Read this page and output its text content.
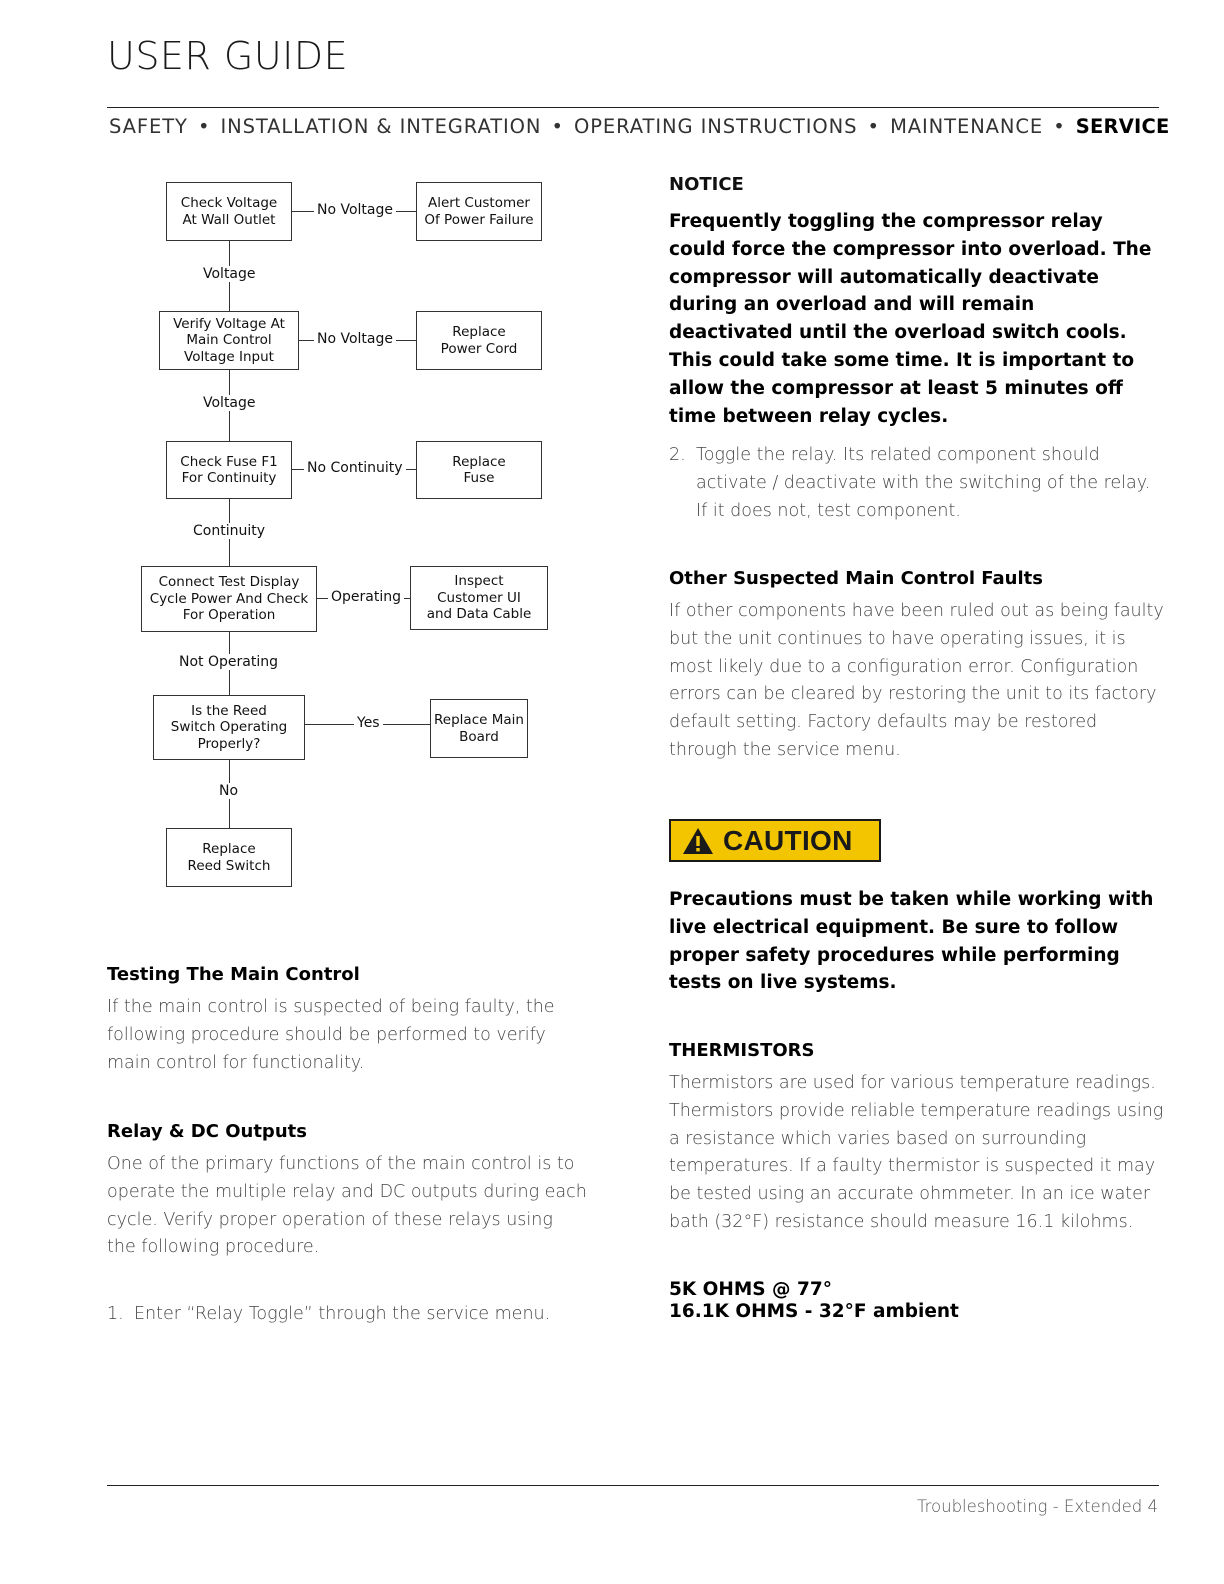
USER GUIDE
SAFETY • INSTALLATION & INTEGRATION • OPERATING INSTRUCTIONS • MAINTENANCE • SERVICE
Check Voltage
At Wall Outlet
Alert Customer
Of Power Failure
Verify Voltage At
Main Control
Voltage Input
Replace
Power Cord
Check Fuse F1
For Continuity
Replace
Fuse
Connect Test Display
Cycle Power And Check
For Operation
Inspect
Customer UI
and Data Cable
Is the Reed
Switch Operating
Properly?
Replace Main
Board
Replace
Reed Switch
No Voltage
Voltage
No Voltage
Voltage
No Continuity
Continuity
Operating
Not Operating
Yes
No
Testing The Main Control
If the main control is suspected of being faulty, the following procedure should be performed to verify main control for functionality.
Relay & DC Outputs
One of the primary functions of the main control is to operate the multiple relay and DC outputs during each cycle. Verify proper operation of these relays using the following procedure.
1. Enter “Relay Toggle” through the service menu.
NOTICE
Frequently toggling the compressor relay could force the compressor into overload. The compressor will automatically deactivate during an overload and will remain deactivated until the overload switch cools. This could take some time. It is important to allow the compressor at least 5 minutes off time between relay cycles.
2. Toggle the relay. Its related component should activate / deactivate with the switching of the relay. If it does not, test component.
Other Suspected Main Control Faults
If other components have been ruled out as being faulty but the unit continues to have operating issues, it is most likely due to a configuration error. Configuration errors can be cleared by restoring the unit to its factory default setting. Factory defaults may be restored through the service menu.
CAUTION
Precautions must be taken while working with live electrical equipment. Be sure to follow proper safety procedures while performing tests on live systems.
THERMISTORS
Thermistors are used for various temperature readings. Thermistors provide reliable temperature readings using a resistance which varies based on surrounding temperatures. If a faulty thermistor is suspected it may be tested using an accurate ohmmeter. In an ice water bath (32°F) resistance should measure 16.1 kilohms.
5K OHMS @ 77°
16.1K OHMS - 32°F ambient
Troubleshooting - Extended 4
